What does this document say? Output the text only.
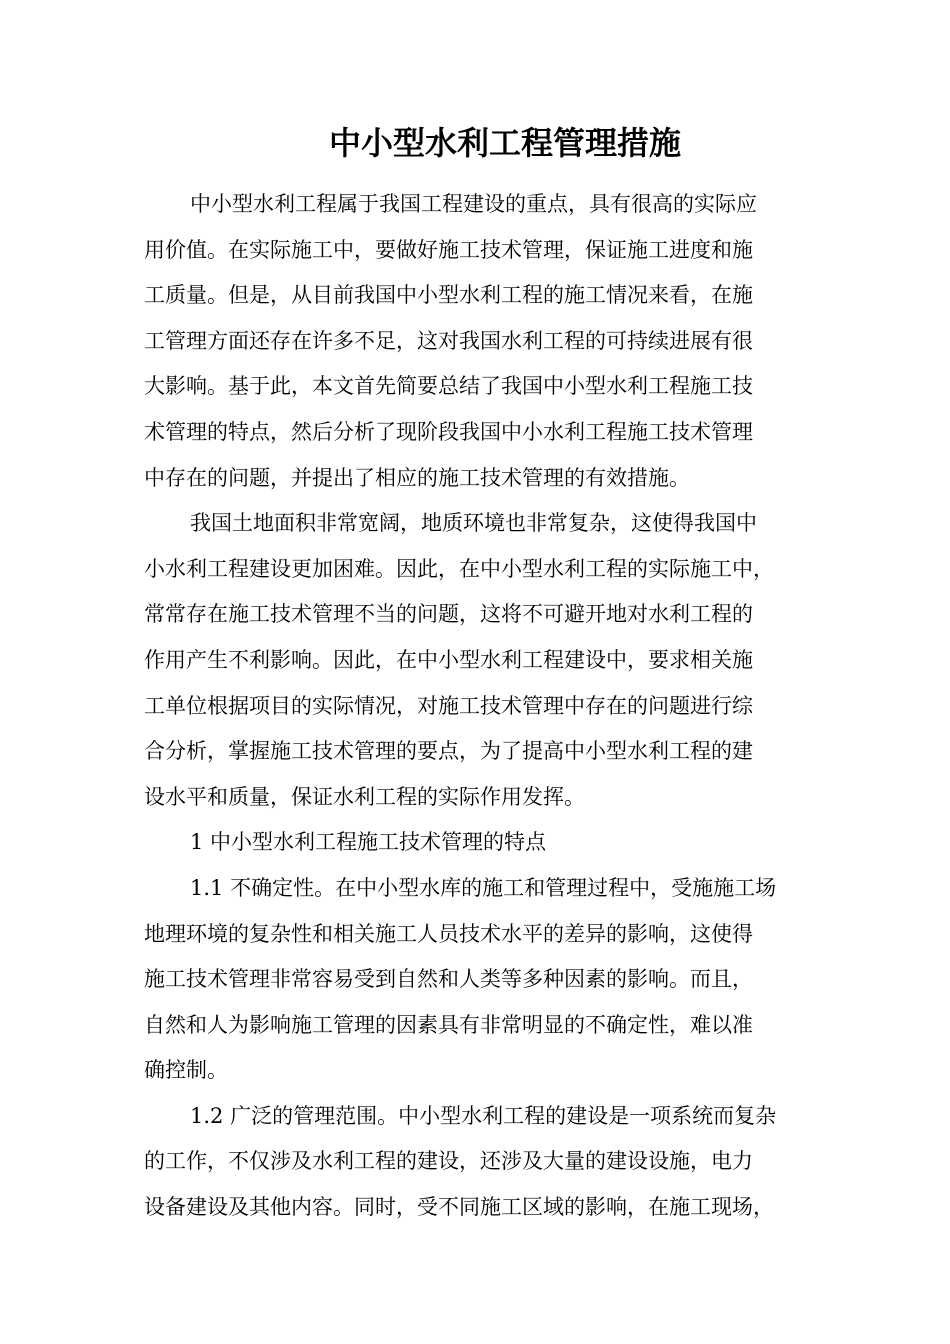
中小型水利工程管理措施
中小型水利工程属于我国工程建设的重点，具有很高的实际应
用价值。在实际施工中，要做好施工技术管理，保证施工进度和施
工质量。但是，从目前我国中小型水利工程的施工情况来看，在施
工管理方面还存在许多不足，这对我国水利工程的可持续进展有很
大影响。基于此，本文首先简要总结了我国中小型水利工程施工技
术管理的特点，然后分析了现阶段我国中小水利工程施工技术管理
中存在的问题，并提出了相应的施工技术管理的有效措施。
我国土地面积非常宽阔，地质环境也非常复杂，这使得我国中
小水利工程建设更加困难。因此，在中小型水利工程的实际施工中，
常常存在施工技术管理不当的问题，这将不可避开地对水利工程的
作用产生不利影响。因此，在中小型水利工程建设中，要求相关施
工单位根据项目的实际情况，对施工技术管理中存在的问题进行综
合分析，掌握施工技术管理的要点，为了提高中小型水利工程的建
设水平和质量，保证水利工程的实际作用发挥。
1 中小型水利工程施工技术管理的特点
1.1 不确定性。在中小型水库的施工和管理过程中，受施施工场
地理环境的复杂性和相关施工人员技术水平的差异的影响，这使得
施工技术管理非常容易受到自然和人类等多种因素的影响。而且，
自然和人为影响施工管理的因素具有非常明显的不确定性，难以准
确控制。
1.2 广泛的管理范围。中小型水利工程的建设是一项系统而复杂
的工作，不仅涉及水利工程的建设，还涉及大量的建设设施，电力
设备建设及其他内容。同时，受不同施工区域的影响，在施工现场，
